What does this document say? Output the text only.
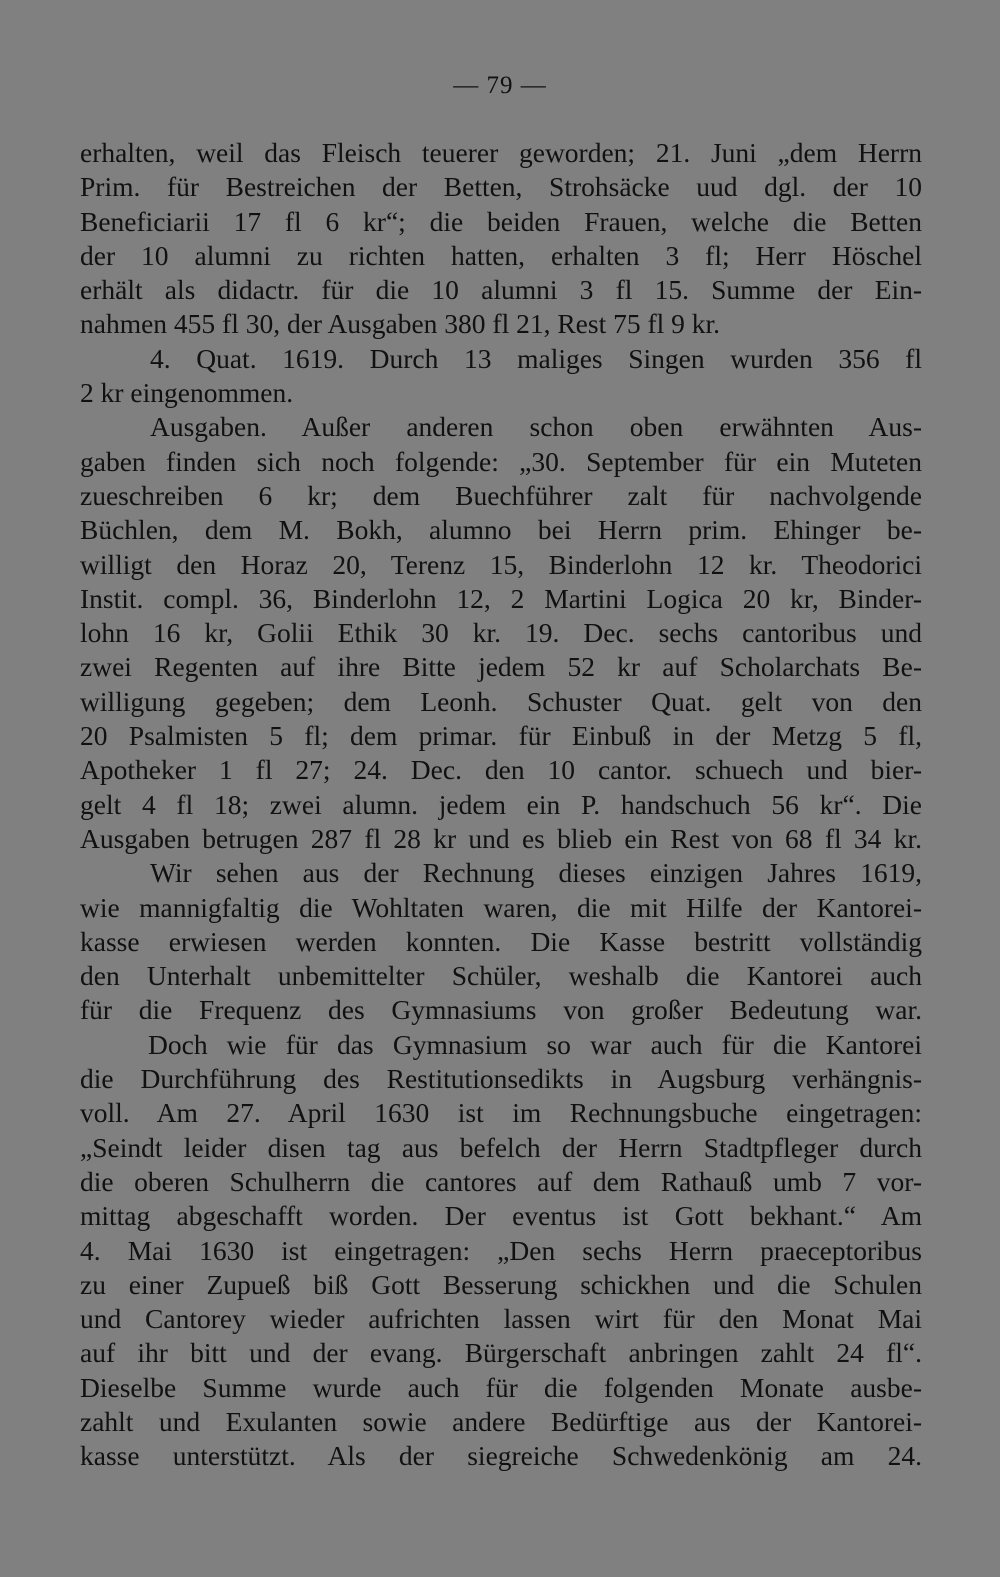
— 79 —
erhalten, weil das Fleisch teuerer geworden; 21. Juni „dem Herrn
Prim. für Bestreichen der Betten, Strohsäcke uud dgl. der 10
Beneficiarii 17 fl 6 kr“; die beiden Frauen, welche die Betten
der 10 alumni zu richten hatten, erhalten 3 fl; Herr Höschel
erhält als didactr. für die 10 alumni 3 fl 15. Summe der Ein-
nahmen 455 fl 30, der Ausgaben 380 fl 21, Rest 75 fl 9 kr.
4. Quat. 1619. Durch 13 maliges Singen wurden 356 fl
2 kr eingenommen.
Ausgaben. Außer anderen schon oben erwähnten Aus-
gaben finden sich noch folgende: „30. September für ein Muteten
zueschreiben 6 kr; dem Buechführer zalt für nachvolgende
Büchlen, dem M. Bokh, alumno bei Herrn prim. Ehinger be-
willigt den Horaz 20, Terenz 15, Binderlohn 12 kr. Theodorici
Instit. compl. 36, Binderlohn 12, 2 Martini Logica 20 kr, Binder-
lohn 16 kr, Golii Ethik 30 kr. 19. Dec. sechs cantoribus und
zwei Regenten auf ihre Bitte jedem 52 kr auf Scholarchats Be-
willigung gegeben; dem Leonh. Schuster Quat. gelt von den
20 Psalmisten 5 fl; dem primar. für Einbuß in der Metzg 5 fl,
Apotheker 1 fl 27; 24. Dec. den 10 cantor. schuech und bier-
gelt 4 fl 18; zwei alumn. jedem ein P. handschuch 56 kr“. Die
Ausgaben betrugen 287 fl 28 kr und es blieb ein Rest von 68 fl 34 kr.
Wir sehen aus der Rechnung dieses einzigen Jahres 1619,
wie mannigfaltig die Wohltaten waren, die mit Hilfe der Kantorei-
kasse erwiesen werden konnten. Die Kasse bestritt vollständig
den Unterhalt unbemittelter Schüler, weshalb die Kantorei auch
für die Frequenz des Gymnasiums von großer Bedeutung war.
Doch wie für das Gymnasium so war auch für die Kantorei
die Durchführung des Restitutionsedikts in Augsburg verhängnis-
voll. Am 27. April 1630 ist im Rechnungsbuche eingetragen:
„Seindt leider disen tag aus befelch der Herrn Stadtpfleger durch
die oberen Schulherrn die cantores auf dem Rathauß umb 7 vor-
mittag abgeschafft worden. Der eventus ist Gott bekhant.“ Am
4. Mai 1630 ist eingetragen: „Den sechs Herrn praeceptoribus
zu einer Zupueß biß Gott Besserung schickhen und die Schulen
und Cantorey wieder aufrichten lassen wirt für den Monat Mai
auf ihr bitt und der evang. Bürgerschaft anbringen zahlt 24 fl“.
Dieselbe Summe wurde auch für die folgenden Monate ausbe-
zahlt und Exulanten sowie andere Bedürftige aus der Kantorei-
kasse unterstützt. Als der siegreiche Schwedenkönig am 24.
